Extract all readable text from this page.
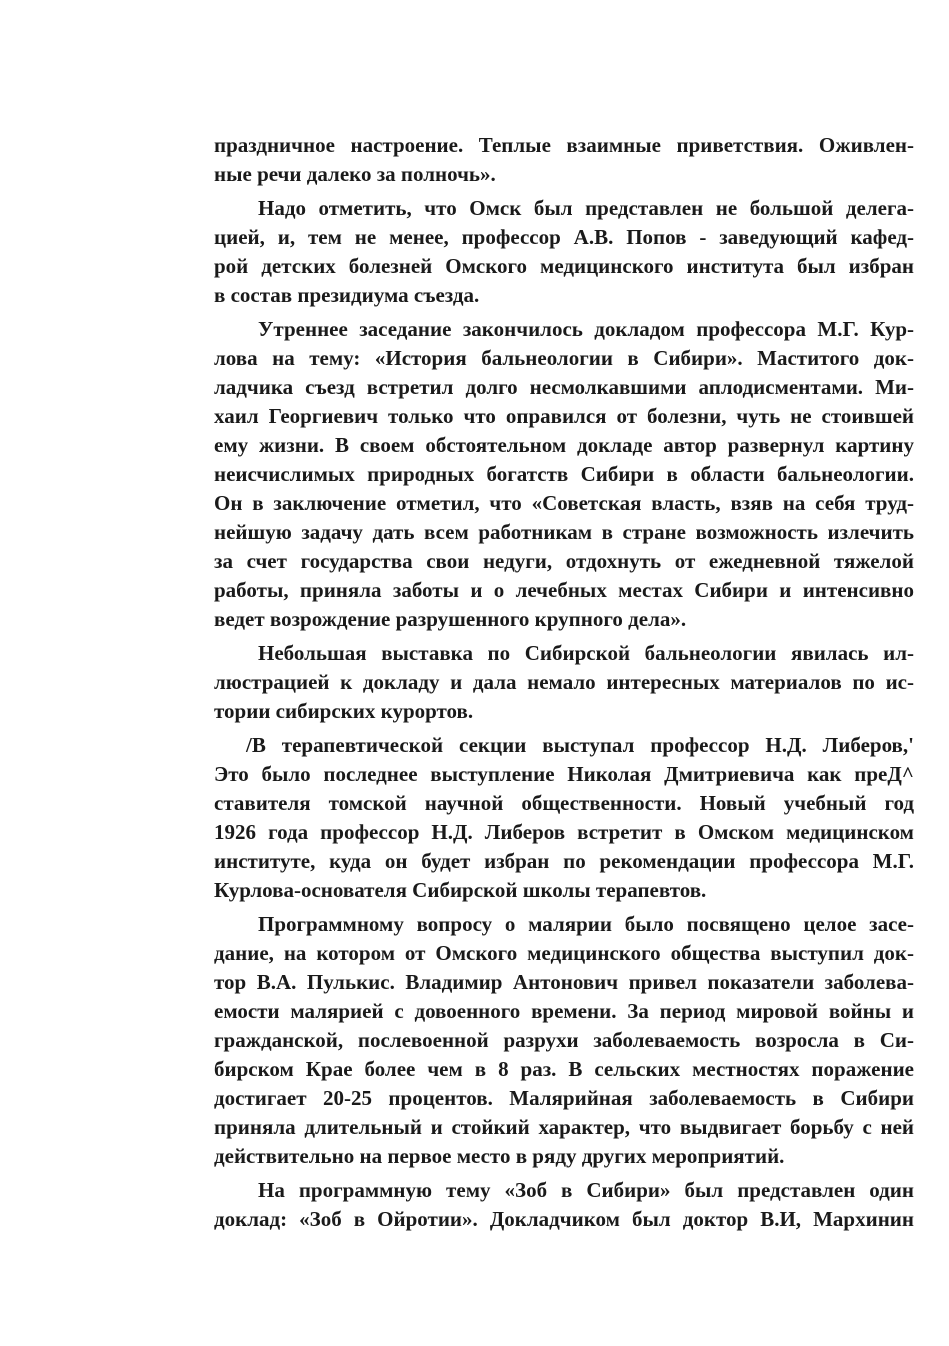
праздничное настроение. Теплые взаимные приветствия. Оживлен-
ные речи далеко за полночь».
Надо отметить, что Омск был представлен не большой делега-
цией, и, тем не менее, профессор А.В. Попов - заведующий кафед-
рой детских болезней Омского медицинского института был избран
в состав президиума съезда.
Утреннее заседание закончилось докладом профессора М.Г. Кур-
лова на тему: «История бальнеологии в Сибири». Маститого док-
ладчика съезд встретил долго несмолкавшими аплодисментами. Ми-
хаил Георгиевич только что оправился от болезни, чуть не стоившей
ему жизни. В своем обстоятельном докладе автор развернул картину
неисчислимых природных богатств Сибири в области бальнеологии.
Он в заключение отметил, что «Советская власть, взяв на себя труд-
нейшую задачу дать всем работникам в стране возможность излечить
за счет государства свои недуги, отдохнуть от ежедневной тяжелой
работы, приняла заботы и о лечебных местах Сибири и интенсивно
ведет возрождение разрушенного крупного дела».
Небольшая выставка по Сибирской бальнеологии явилась ил-
люстрацией к докладу и дала немало интересных материалов по ис-
тории сибирских курортов.
/В терапевтической секции выступал профессор Н.Д. Либеров,'
Это было последнее выступление Николая Дмитриевича как преД^
ставителя томской научной общественности. Новый учебный год
1926 года профессор Н.Д. Либеров встретит в Омском медицинском
институте, куда он будет избран по рекомендации профессора М.Г.
Курлова-основателя Сибирской школы терапевтов.
Программному вопросу о малярии было посвящено целое засе-
дание, на котором от Омского медицинского общества выступил док-
тор В.А. Пулькис. Владимир Антонович привел показатели заболева-
емости малярией с довоенного времени. За период мировой войны и
гражданской, послевоенной разрухи заболеваемость возросла в Си-
бирском Крае более чем в 8 раз. В сельских местностях поражение
достигает 20-25 процентов. Малярийная заболеваемость в Сибири
приняла длительный и стойкий характер, что выдвигает борьбу с ней
действительно на первое место в ряду других мероприятий.
На программную тему «Зоб в Сибири» был представлен один
доклад: «Зоб в Ойротии». Докладчиком был доктор В.И, Мархинин
